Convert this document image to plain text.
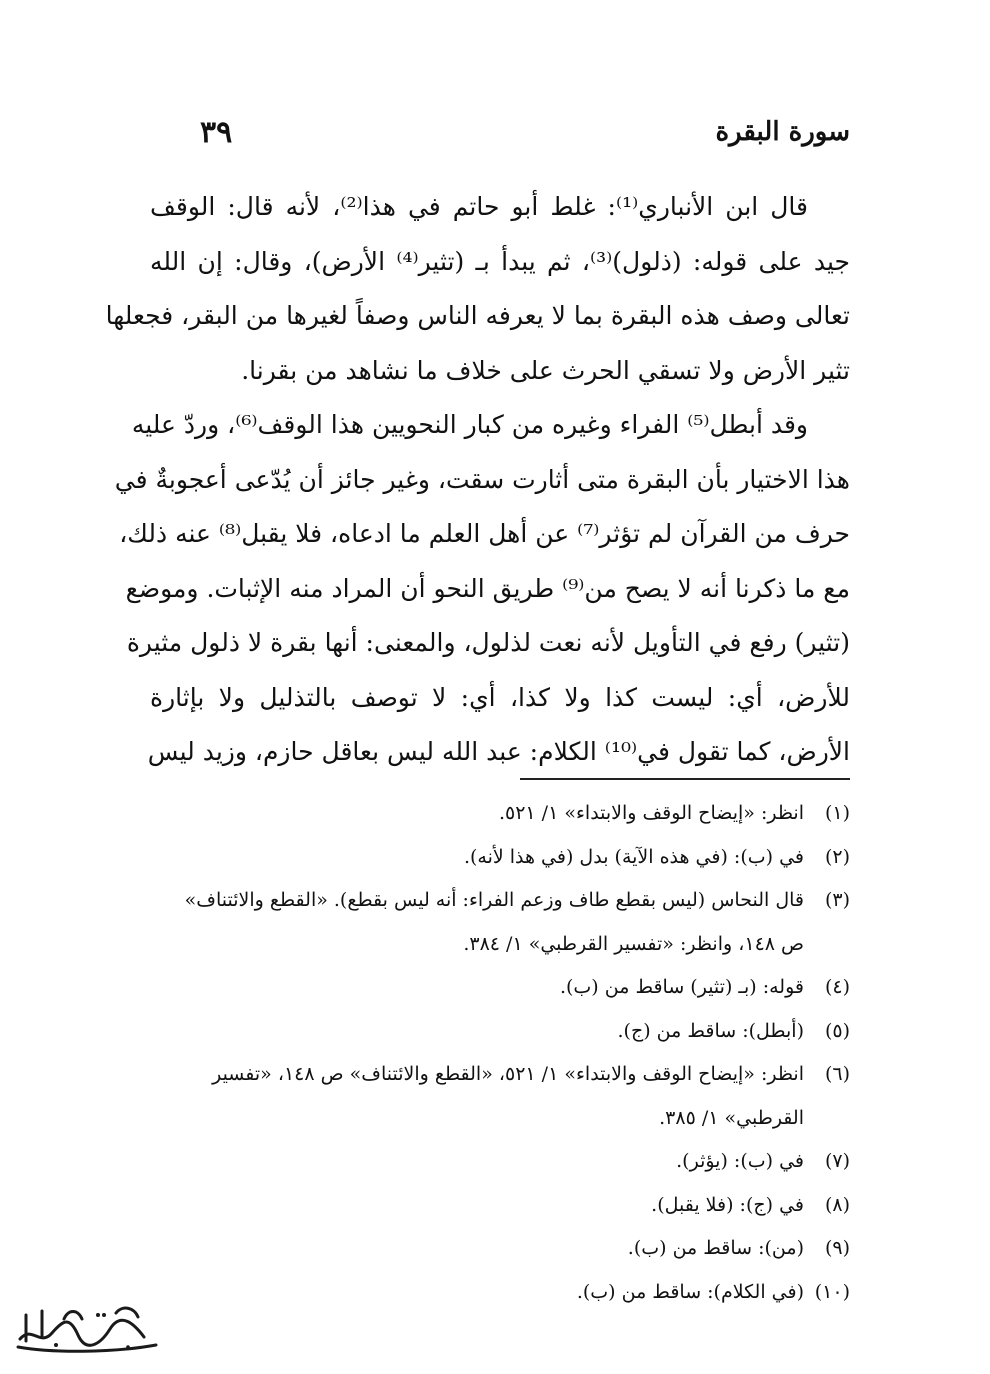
سورة البقرة
٣٩
قال ابن الأنباري⁽¹⁾: غلط أبو حاتم في هذا⁽²⁾، لأنه قال: الوقف
جيد على قوله: (ذلول)⁽³⁾، ثم يبدأ بـ (تثير⁽⁴⁾ الأرض)، وقال: إن الله
تعالى وصف هذه البقرة بما لا يعرفه الناس وصفاً لغيرها من البقر، فجعلها
تثير الأرض ولا تسقي الحرث على خلاف ما نشاهد من بقرنا.
وقد أبطل⁽⁵⁾ الفراء وغيره من كبار النحويين هذا الوقف⁽⁶⁾، وردّ عليه
هذا الاختيار بأن البقرة متى أثارت سقت، وغير جائز أن يُدّعى أعجوبةٌ في
حرف من القرآن لم تؤثر⁽⁷⁾ عن أهل العلم ما ادعاه، فلا يقبل⁽⁸⁾ عنه ذلك،
مع ما ذكرنا أنه لا يصح من⁽⁹⁾ طريق النحو أن المراد منه الإثبات. وموضع
(تثير) رفع في التأويل لأنه نعت لذلول، والمعنى: أنها بقرة لا ذلول مثيرة
للأرض، أي: ليست كذا ولا كذا، أي: لا توصف بالتذليل ولا بإثارة
الأرض، كما تقول في⁽¹⁰⁾ الكلام: عبد الله ليس بعاقل حازم، وزيد ليس
(١)
انظر: «إيضاح الوقف والابتداء» ١/ ٥٢١.
(٢)
في (ب): (في هذه الآية) بدل (في هذا لأنه).
(٣)
قال النحاس (ليس بقطع طاف وزعم الفراء: أنه ليس بقطع). «القطع والائتناف»
ص ١٤٨، وانظر: «تفسير القرطبي» ١/ ٣٨٤.
(٤)
قوله: (بـ (تثير) ساقط من (ب).
(٥)
(أبطل): ساقط من (ج).
(٦)
انظر: «إيضاح الوقف والابتداء» ١/ ٥٢١، «القطع والائتناف» ص ١٤٨، «تفسير
القرطبي» ١/ ٣٨٥.
(٧)
في (ب): (يؤثر).
(٨)
في (ج): (فلا يقبل).
(٩)
(من): ساقط من (ب).
(١٠)
(في الكلام): ساقط من (ب).
